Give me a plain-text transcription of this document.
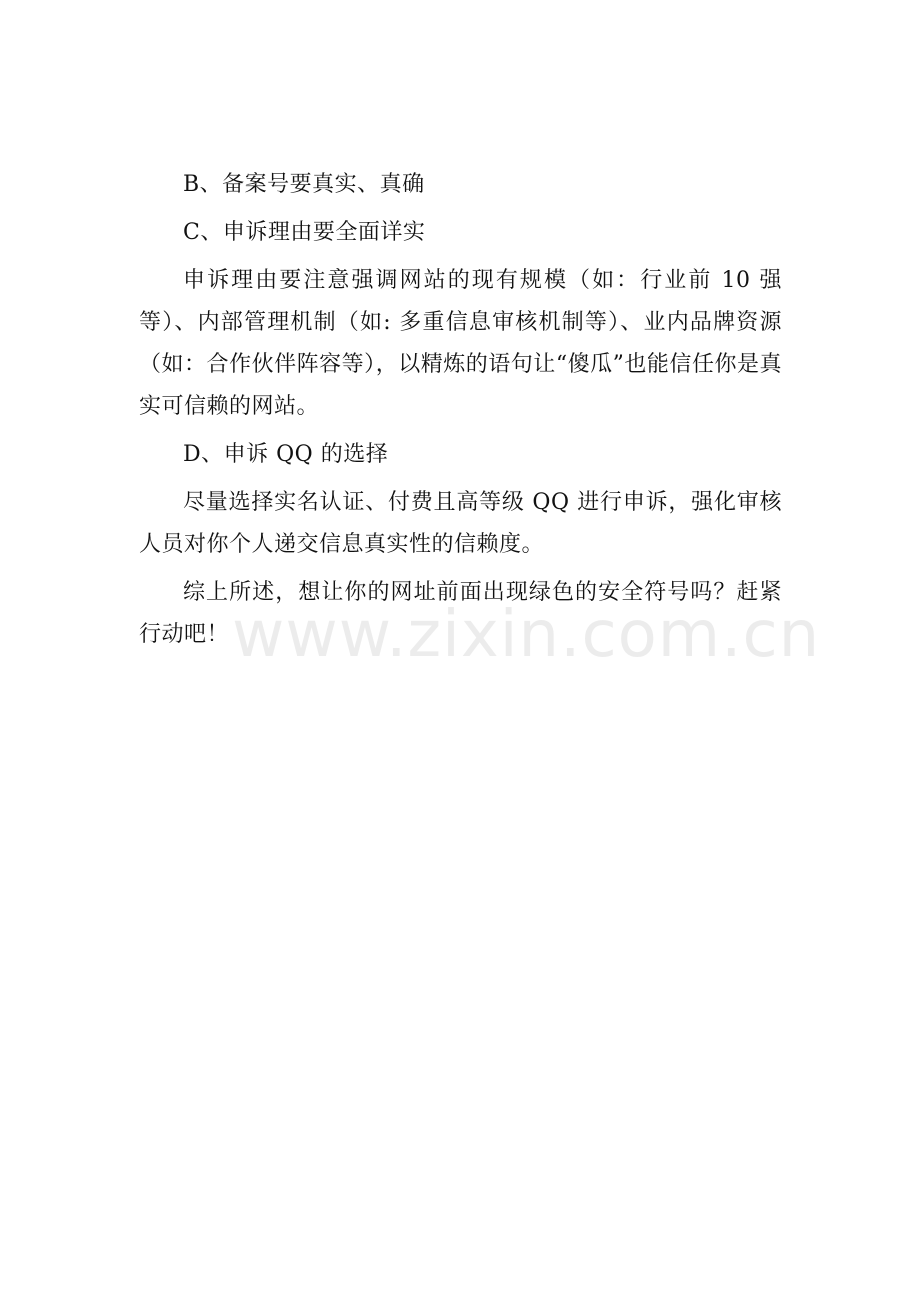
B、备案号要真实、真确

C、申诉理由要全面详实

申诉理由要注意强调网站的现有规模（如：行业前 10 强等）、内部管理机制（如: 多重信息审核机制等）、业内品牌资源（如：合作伙伴阵容等），以精炼的语句让“傻瓜”也能信任你是真实可信赖的网站。

D、申诉 QQ 的选择

尽量选择实名认证、付费且高等级 QQ 进行申诉，强化审核人员对你个人递交信息真实性的信赖度。

综上所述，想让你的网址前面出现绿色的安全符号吗？赶紧行动吧！ www.zixin.com.cn
